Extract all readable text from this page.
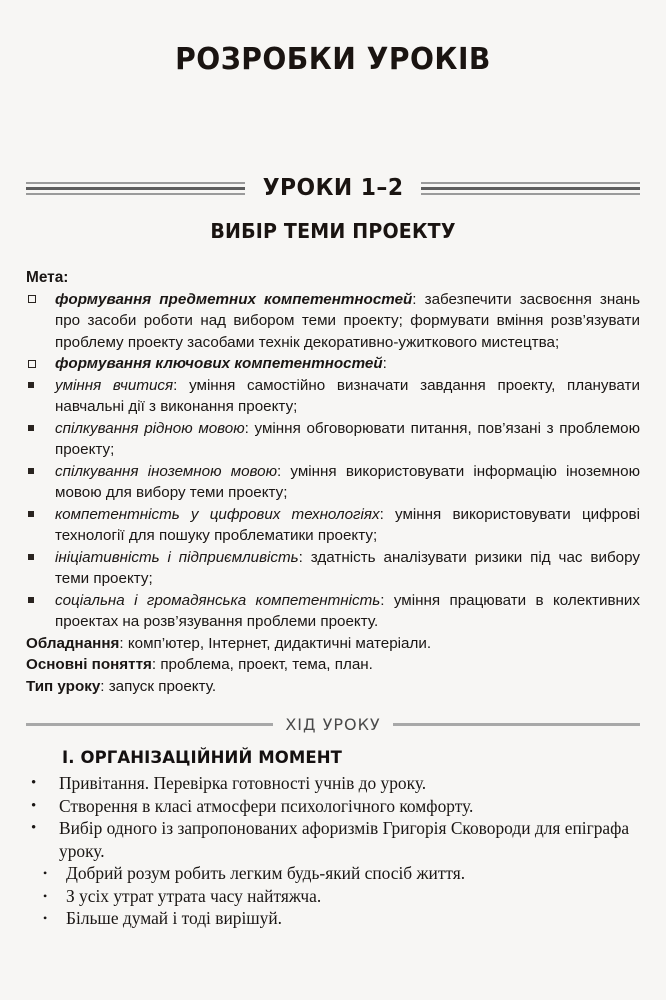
РОЗРОБКИ УРОКІВ
УРОКИ 1–2
ВИБІР ТЕМИ ПРОЕКТУ

Мета:

формування предметних компетентностей: забезпечити засвоєння знань про засоби роботи над вибором теми проекту; формувати вміння розв’язувати проблему проекту засобами технік декоративно-ужиткового мистецтва;
формування ключових компетентностей:
уміння вчитися: уміння самостійно визначати завдання проекту, планувати навчальні дії з виконання проекту;
спілкування рідною мовою: уміння обговорювати питання, пов’язані з проблемою проекту;
спілкування іноземною мовою: уміння використовувати інформацію іноземною мовою для вибору теми проекту;
компетентність у цифрових технологіях: уміння використовувати цифрові технології для пошуку проблематики проекту;
ініціативність і підприємливість: здатність аналізувати ризики під час вибору теми проекту;
соціальна і громадянська компетентність: уміння працювати в колективних проектах на розв’язування проблеми проекту.

Обладнання: комп’ютер, Інтернет, дидактичні матеріали.

Основні поняття: проблема, проект, тема, план.

Тип уроку: запуск проекту.

ХІД УРОКУ
І. ОРГАНІЗАЦІЙНИЙ МОМЕНТ
• Привітання. Перевірка готовності учнів до уроку.
• Створення в класі атмосфери психологічного комфорту.
• Вибір одного із запропонованих афоризмів Григорія Сковороди для епіграфа уроку.
• Добрий розум робить легким будь-який спосіб життя.
• З усіх утрат утрата часу найтяжча.
• Більше думай і тоді вирішуй.
